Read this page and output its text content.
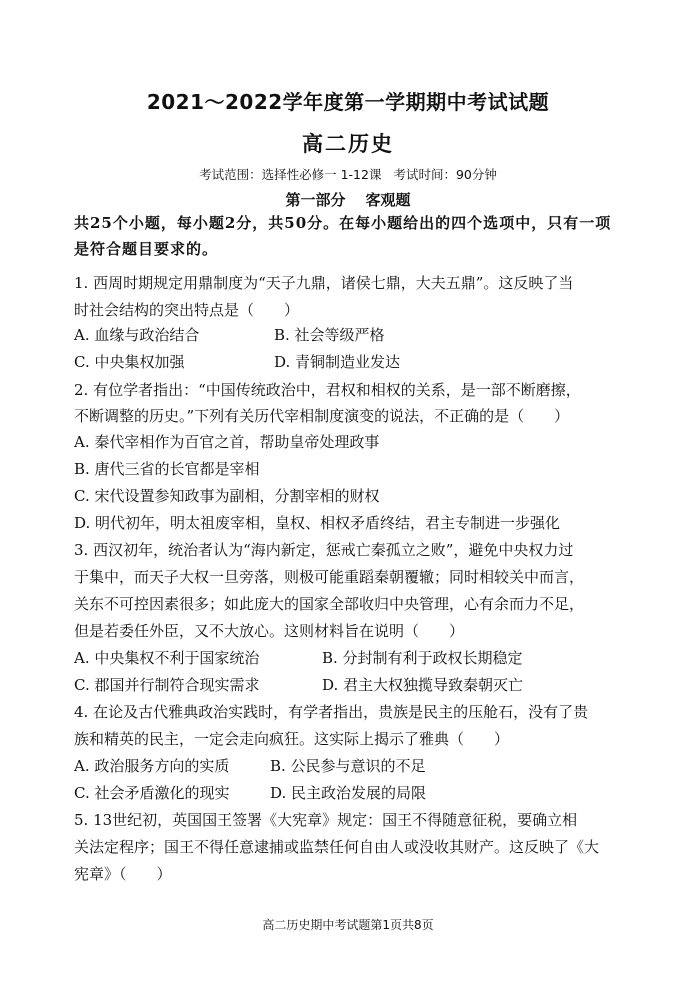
2021～2022学年度第一学期期中考试试题
高二历史
考试范围：选择性必修一 1-12课 考试时间：90分钟
第一部分 客观题
共25个小题，每小题2分，共50分。在每小题给出的四个选项中，只有一项是符合题目要求的。
1. 西周时期规定用鼎制度为“天子九鼎，诸侯七鼎，大夫五鼎”。这反映了当
时社会结构的突出特点是（　　）
A. 血缘与政治结合	B. 社会等级严格
C. 中央集权加强	D. 青铜制造业发达
2. 有位学者指出：“中国传统政治中，君权和相权的关系，是一部不断磨擦，
不断调整的历史。”下列有关历代宰相制度演变的说法，不正确的是（　　）
A. 秦代宰相作为百官之首，帮助皇帝处理政事
B. 唐代三省的长官都是宰相
C. 宋代设置参知政事为副相，分割宰相的财权
D. 明代初年，明太祖废宰相，皇权、相权矛盾终结，君主专制进一步强化
3. 西汉初年，统治者认为“海内新定，惩戒亡秦孤立之败”，避免中央权力过
于集中，而天子大权一旦旁落，则极可能重蹈秦朝覆辙；同时相较关中而言，
关东不可控因素很多；如此庞大的国家全部收归中央管理，心有余而力不足，
但是若委任外臣，又不大放心。这则材料旨在说明（　　）
A. 中央集权不利于国家统治	B. 分封制有利于政权长期稳定
C. 郡国并行制符合现实需求	D. 君主大权独揽导致秦朝灭亡
4. 在论及古代雅典政治实践时，有学者指出，贵族是民主的压舱石，没有了贵
族和精英的民主，一定会走向疯狂。这实际上揭示了雅典（　　）
A. 政治服务方向的实质	B. 公民参与意识的不足
C. 社会矛盾激化的现实	D. 民主政治发展的局限
5. 13世纪初，英国国王签署《大宪章》规定：国王不得随意征税，要确立相
关法定程序；国王不得任意逮捕或监禁任何自由人或没收其财产。这反映了《大
宪章》（　　）
高二历史期中考试题第1页共8页
